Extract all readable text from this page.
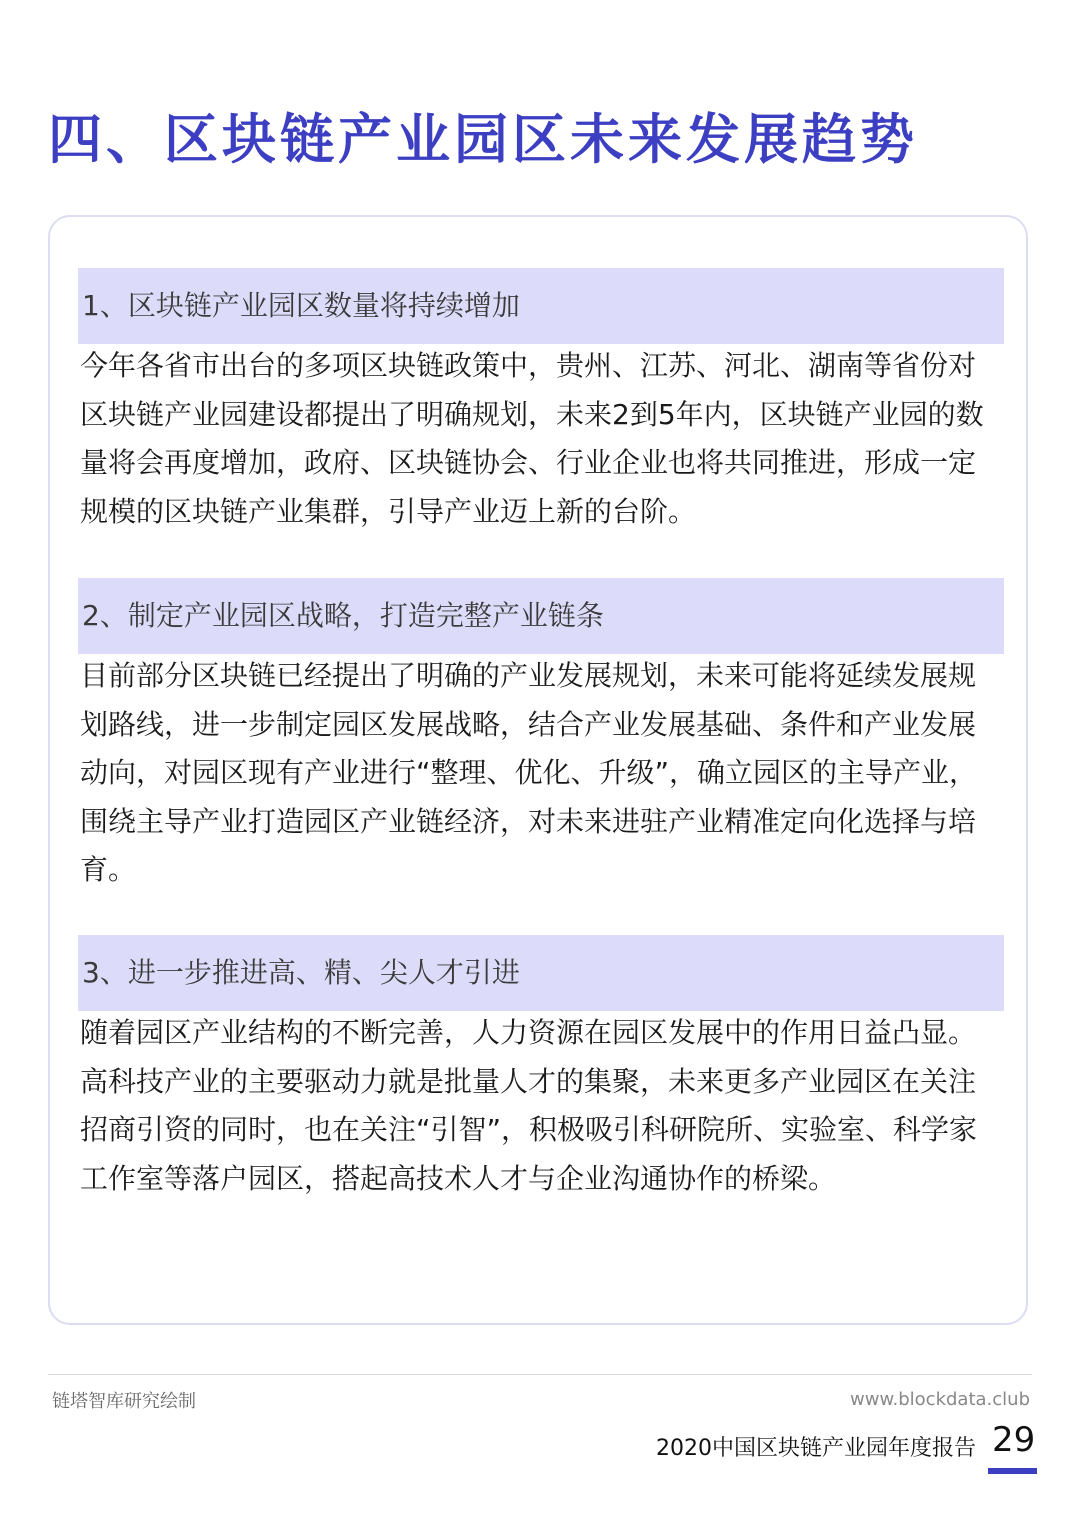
四、区块链产业园区未来发展趋势
1、区块链产业园区数量将持续增加

今年各省市出台的多项区块链政策中，贵州、江苏、河北、湖南等省份对区块链产业园建设都提出了明确规划，未来2到5年内，区块链产业园的数量将会再度增加，政府、区块链协会、行业企业也将共同推进，形成一定规模的区块链产业集群，引导产业迈上新的台阶。

2、制定产业园区战略，打造完整产业链条

目前部分区块链已经提出了明确的产业发展规划，未来可能将延续发展规划路线，进一步制定园区发展战略，结合产业发展基础、条件和产业发展动向，对园区现有产业进行“整理、优化、升级”，确立园区的主导产业，围绕主导产业打造园区产业链经济，对未来进驻产业精准定向化选择与培育。

3、进一步推进高、精、尖人才引进

随着园区产业结构的不断完善，人力资源在园区发展中的作用日益凸显。高科技产业的主要驱动力就是批量人才的集聚，未来更多产业园区在关注招商引资的同时，也在关注“引智”，积极吸引科研院所、实验室、科学家工作室等落户园区，搭起高技术人才与企业沟通协作的桥梁。

链塔智库研究绘制	www.blockdata.club
2020中国区块链产业园年度报告 29
